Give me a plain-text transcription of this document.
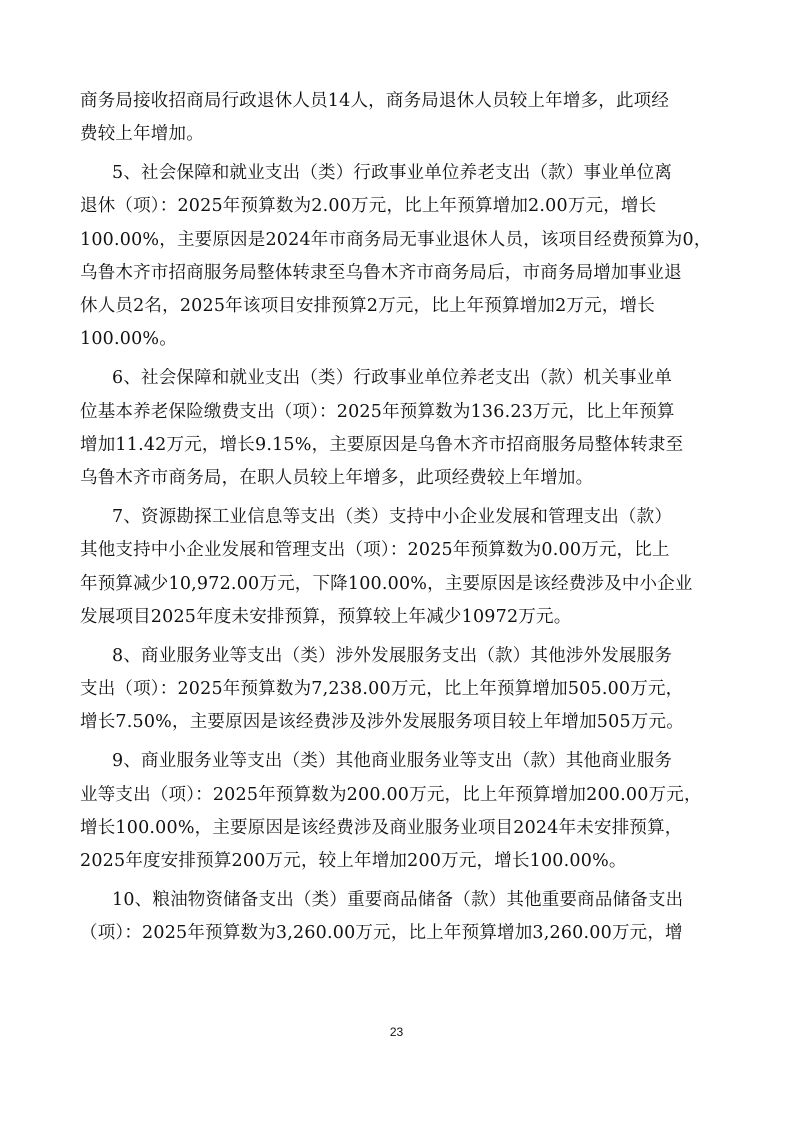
商务局接收招商局行政退休人员14人，商务局退休人员较上年增多，此项经
费较上年增加。
5、社会保障和就业支出（类）行政事业单位养老支出（款）事业单位离
退休（项）：2025年预算数为2.00万元，比上年预算增加2.00万元，增长
100.00%，主要原因是2024年市商务局无事业退休人员，该项目经费预算为0，
乌鲁木齐市招商服务局整体转隶至乌鲁木齐市商务局后，市商务局增加事业退
休人员2名，2025年该项目安排预算2万元，比上年预算增加2万元，增长
100.00%。
6、社会保障和就业支出（类）行政事业单位养老支出（款）机关事业单
位基本养老保险缴费支出（项）：2025年预算数为136.23万元，比上年预算
增加11.42万元，增长9.15%，主要原因是乌鲁木齐市招商服务局整体转隶至
乌鲁木齐市商务局，在职人员较上年增多，此项经费较上年增加。
7、资源勘探工业信息等支出（类）支持中小企业发展和管理支出（款）
其他支持中小企业发展和管理支出（项）：2025年预算数为0.00万元，比上
年预算减少10,972.00万元，下降100.00%，主要原因是该经费涉及中小企业
发展项目2025年度未安排预算，预算较上年减少10972万元。
8、商业服务业等支出（类）涉外发展服务支出（款）其他涉外发展服务
支出（项）：2025年预算数为7,238.00万元，比上年预算增加505.00万元，
增长7.50%，主要原因是该经费涉及涉外发展服务项目较上年增加505万元。
9、商业服务业等支出（类）其他商业服务业等支出（款）其他商业服务
业等支出（项）：2025年预算数为200.00万元，比上年预算增加200.00万元，
增长100.00%，主要原因是该经费涉及商业服务业项目2024年未安排预算，
2025年度安排预算200万元，较上年增加200万元，增长100.00%。
10、粮油物资储备支出（类）重要商品储备（款）其他重要商品储备支出
（项）：2025年预算数为3,260.00万元，比上年预算增加3,260.00万元，增
23
